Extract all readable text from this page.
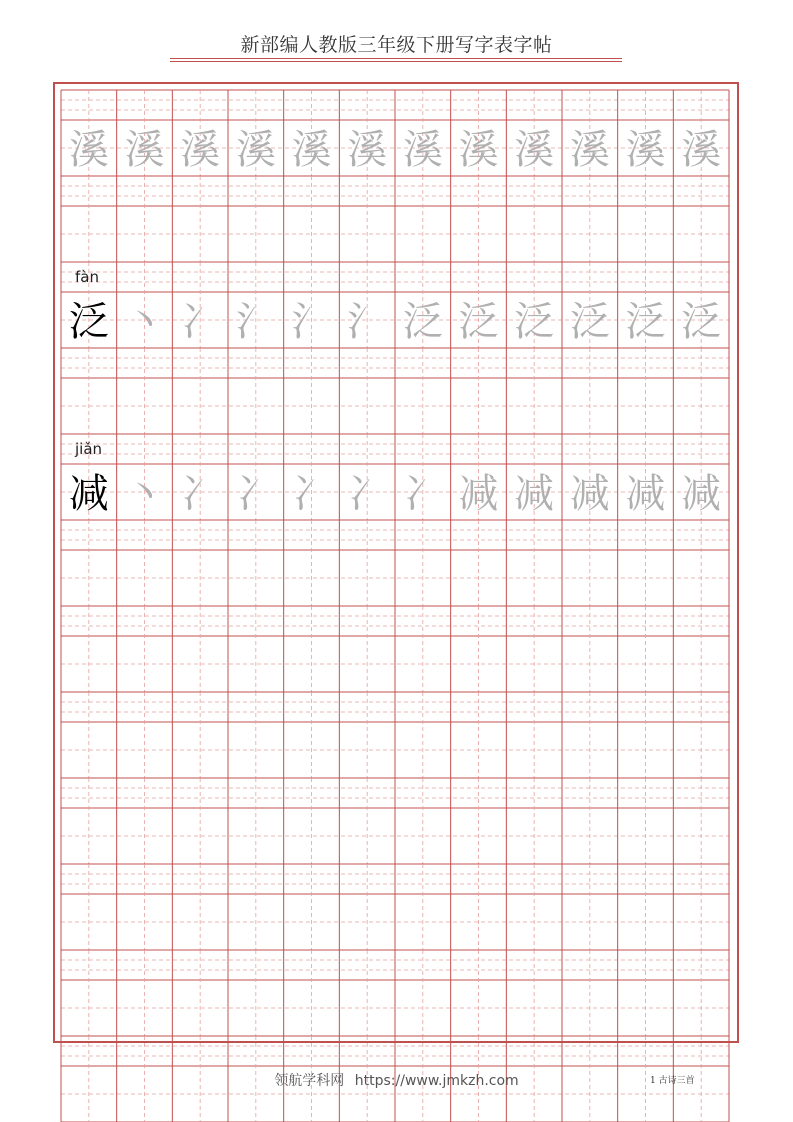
新部编人教版三年级下册写字表字帖
溪 溪 溪 溪 溪 溪 溪 溪 溪 溪 溪 溪
fàn
泛 丶 冫 氵 氵 氵 泛 泛 泛 泛 泛 泛
jiǎn
减 丶 冫 冫 冫 冫 冫 减 减 减 减 减
领航学科网 https://www.jmkzh.com	1 古诗三首
